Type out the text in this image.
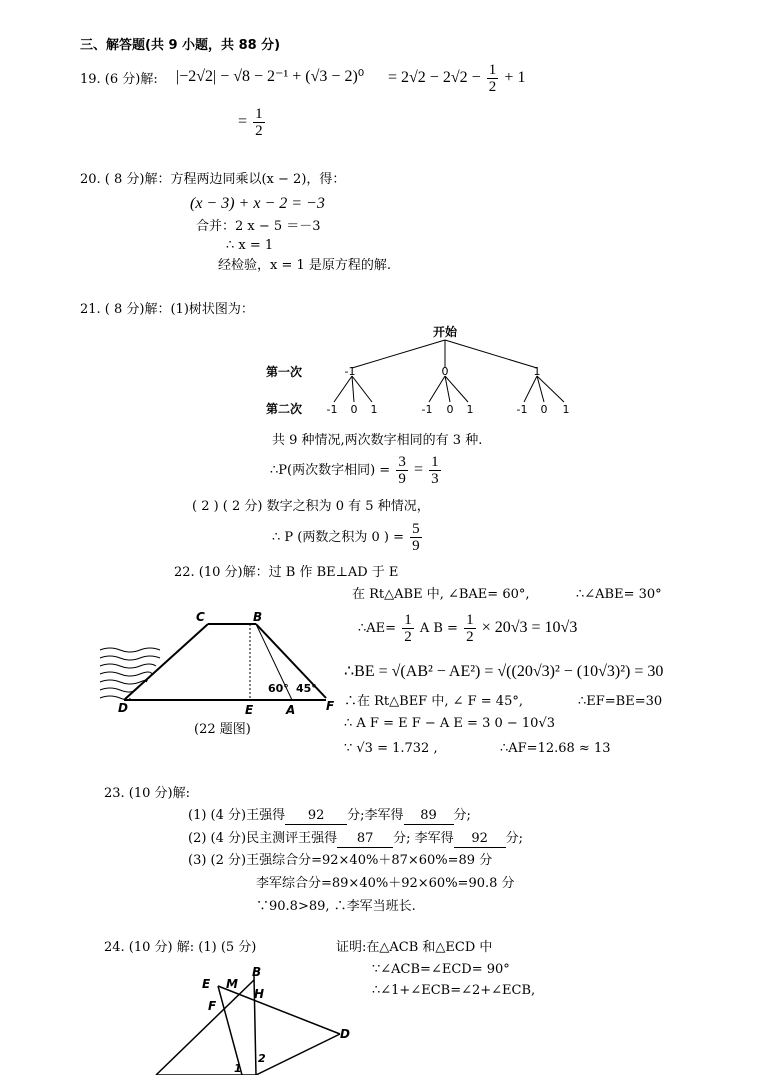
三、解答题(共 9 小题，共 88 分)
19. (6 分)解: $|-2√2| - √8 - 2^{-1} + (√3 - 2)^0 = 2√2 - 2√2 - \frac{1}{2} + 1$
= $\frac{1}{2}$
20. ( 8 分)解：方程两边同乘以(x − 2)，得：
(x − 3) + x − 2 = −3
合并：2 x − 5 ＝－3
∴ x = 1
经检验，x = 1 是原方程的解.
21. ( 8 分)解：(1)树状图为：
开始
第一次
第二次
-1	0	1
-1 0 1	-1 0 1	-1 0 1
共 9 种情况,两次数字相同的有 3 种.
∴P(两次数字相同) = $\frac{3}{9} = \frac{1}{3}$
( 2 ) ( 2 分) 数字之积为 0 有 5 种情况，
∴ P (两数之积为 0 ) = $\frac{5}{9}$
22. (10 分)解：过 B 作 BE⊥AD 于 E
C	B
D	E	A	F
60° 45°
(22 题图)
在 Rt△ABE 中, ∠BAE= 60°,	∴∠ABE= 30°
∴AE= $\frac{1}{2}$ A $B = \frac{1}{2} \times 20√3 = 10√3$
∴BE = √(AB² − AE²) = √((20√3)² − (10√3)²) = 30
∴在 Rt△BEF 中, ∠ F = 45°,	∴EF=BE=30
∴ A F = E F − A E = 3 0 − 10√3
∵ √3 = 1.732 ,	∴AF=12.68 ≈ 13
23. (10 分)解:
(1) (4 分)王强得 92 分;李军得 89 分;
(2) (4 分)民主测评王强得 87 分; 李军得 92 分;
(3) (2 分)王强综合分=92×40%＋87×60%=89 分
李军综合分=89×40%＋92×60%=90.8 分
∵90.8>89, ∴李军当班长.
24. (10 分) 解: (1) (5 分)	证明:在△ACB 和△ECD 中
∵∠ACB=∠ECD= 90°
∴∠1+∠ECB=∠2+∠ECB,
E M
B
H
F
D
1
2
